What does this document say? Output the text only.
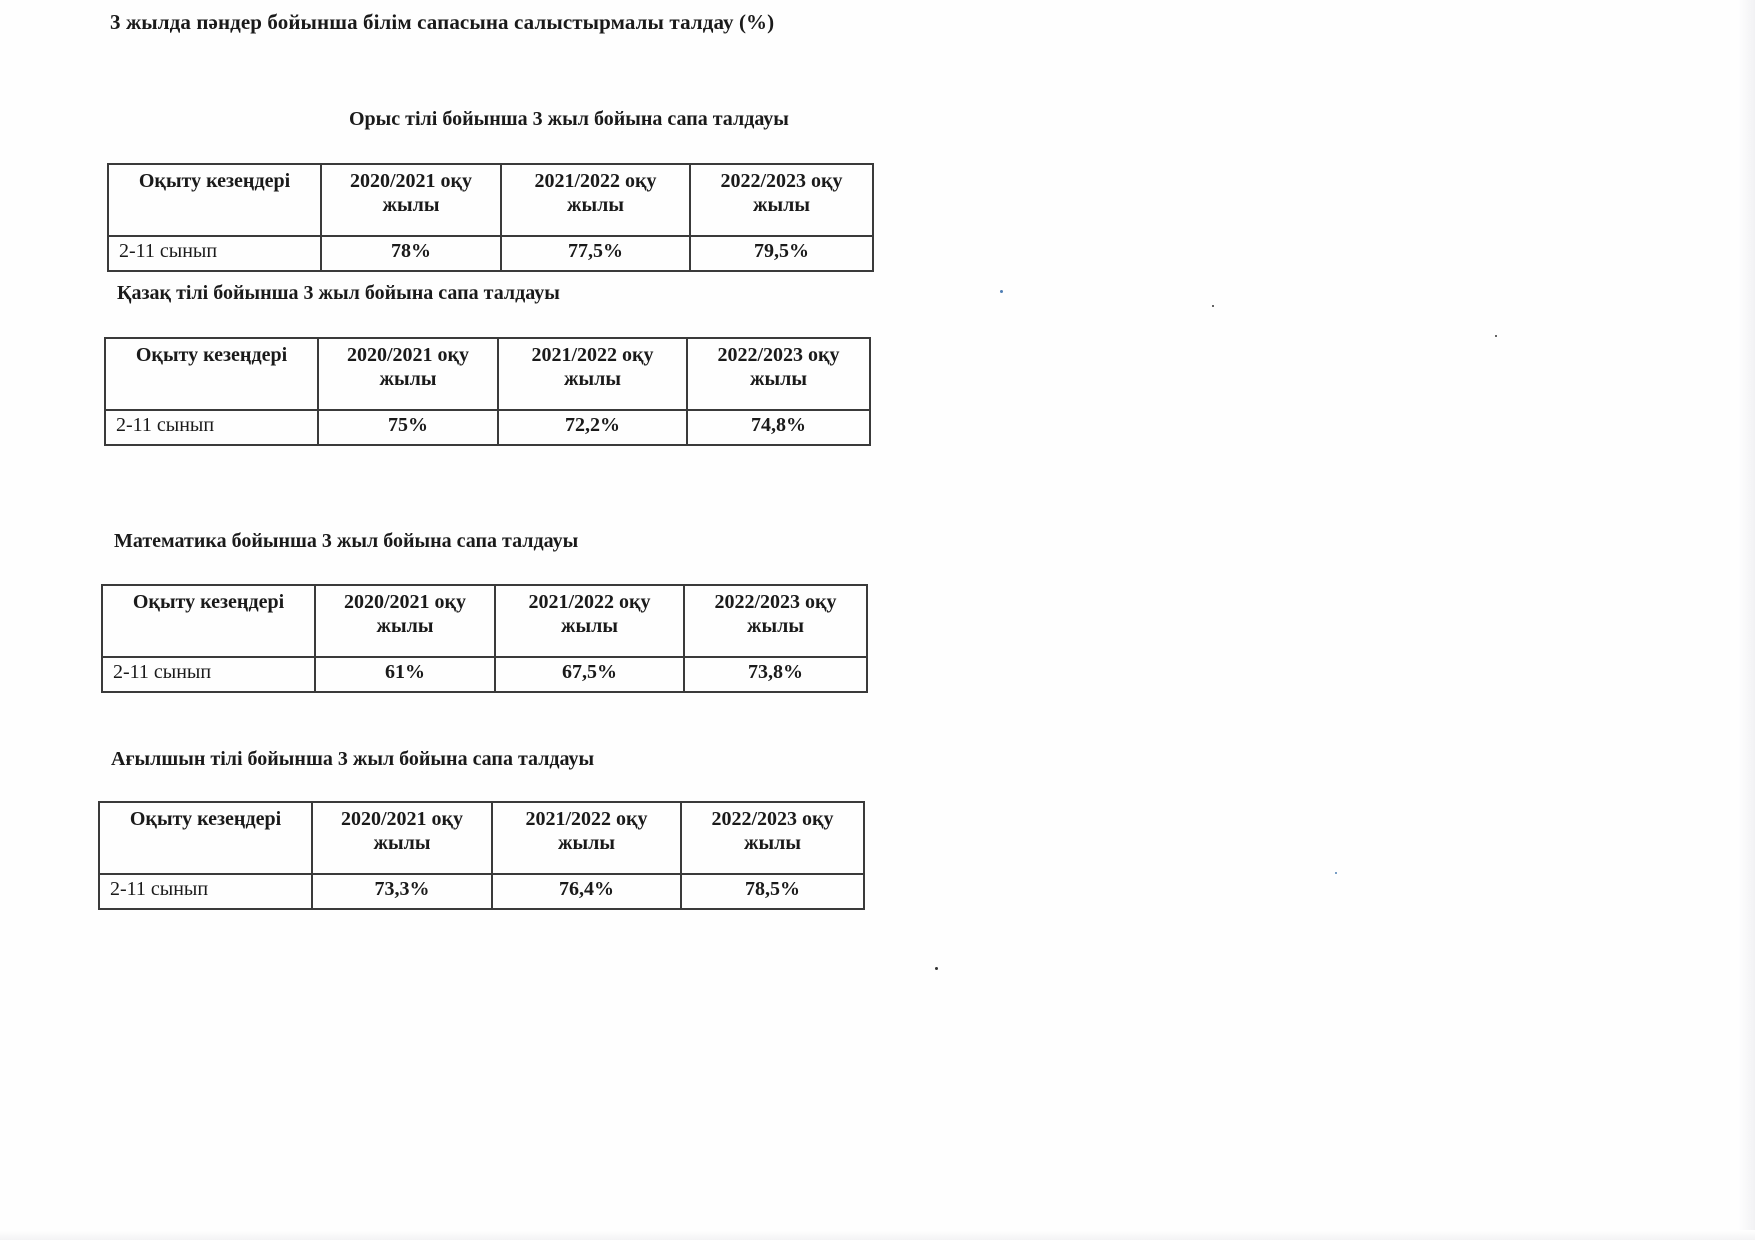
3 жылда пәндер бойынша білім сапасына салыстырмалы талдау (%)
Орыс тілі бойынша 3 жыл бойына сапа талдауы
Оқыту кезеңдері	2020/2021 оқу жылы	2021/2022 оқу жылы	2022/2023 оқу жылы
2-11 сынып	78%	77,5%	79,5%
Қазақ тілі бойынша 3 жыл бойына сапа талдауы
Оқыту кезеңдері	2020/2021 оқу жылы	2021/2022 оқу жылы	2022/2023 оқу жылы
2-11 сынып	75%	72,2%	74,8%
Математика бойынша 3 жыл бойына сапа талдауы
Оқыту кезеңдері	2020/2021 оқу жылы	2021/2022 оқу жылы	2022/2023 оқу жылы
2-11 сынып	61%	67,5%	73,8%
Ағылшын тілі бойынша 3 жыл бойына сапа талдауы
Оқыту кезеңдері	2020/2021 оқу жылы	2021/2022 оқу жылы	2022/2023 оқу жылы
2-11 сынып	73,3%	76,4%	78,5%
